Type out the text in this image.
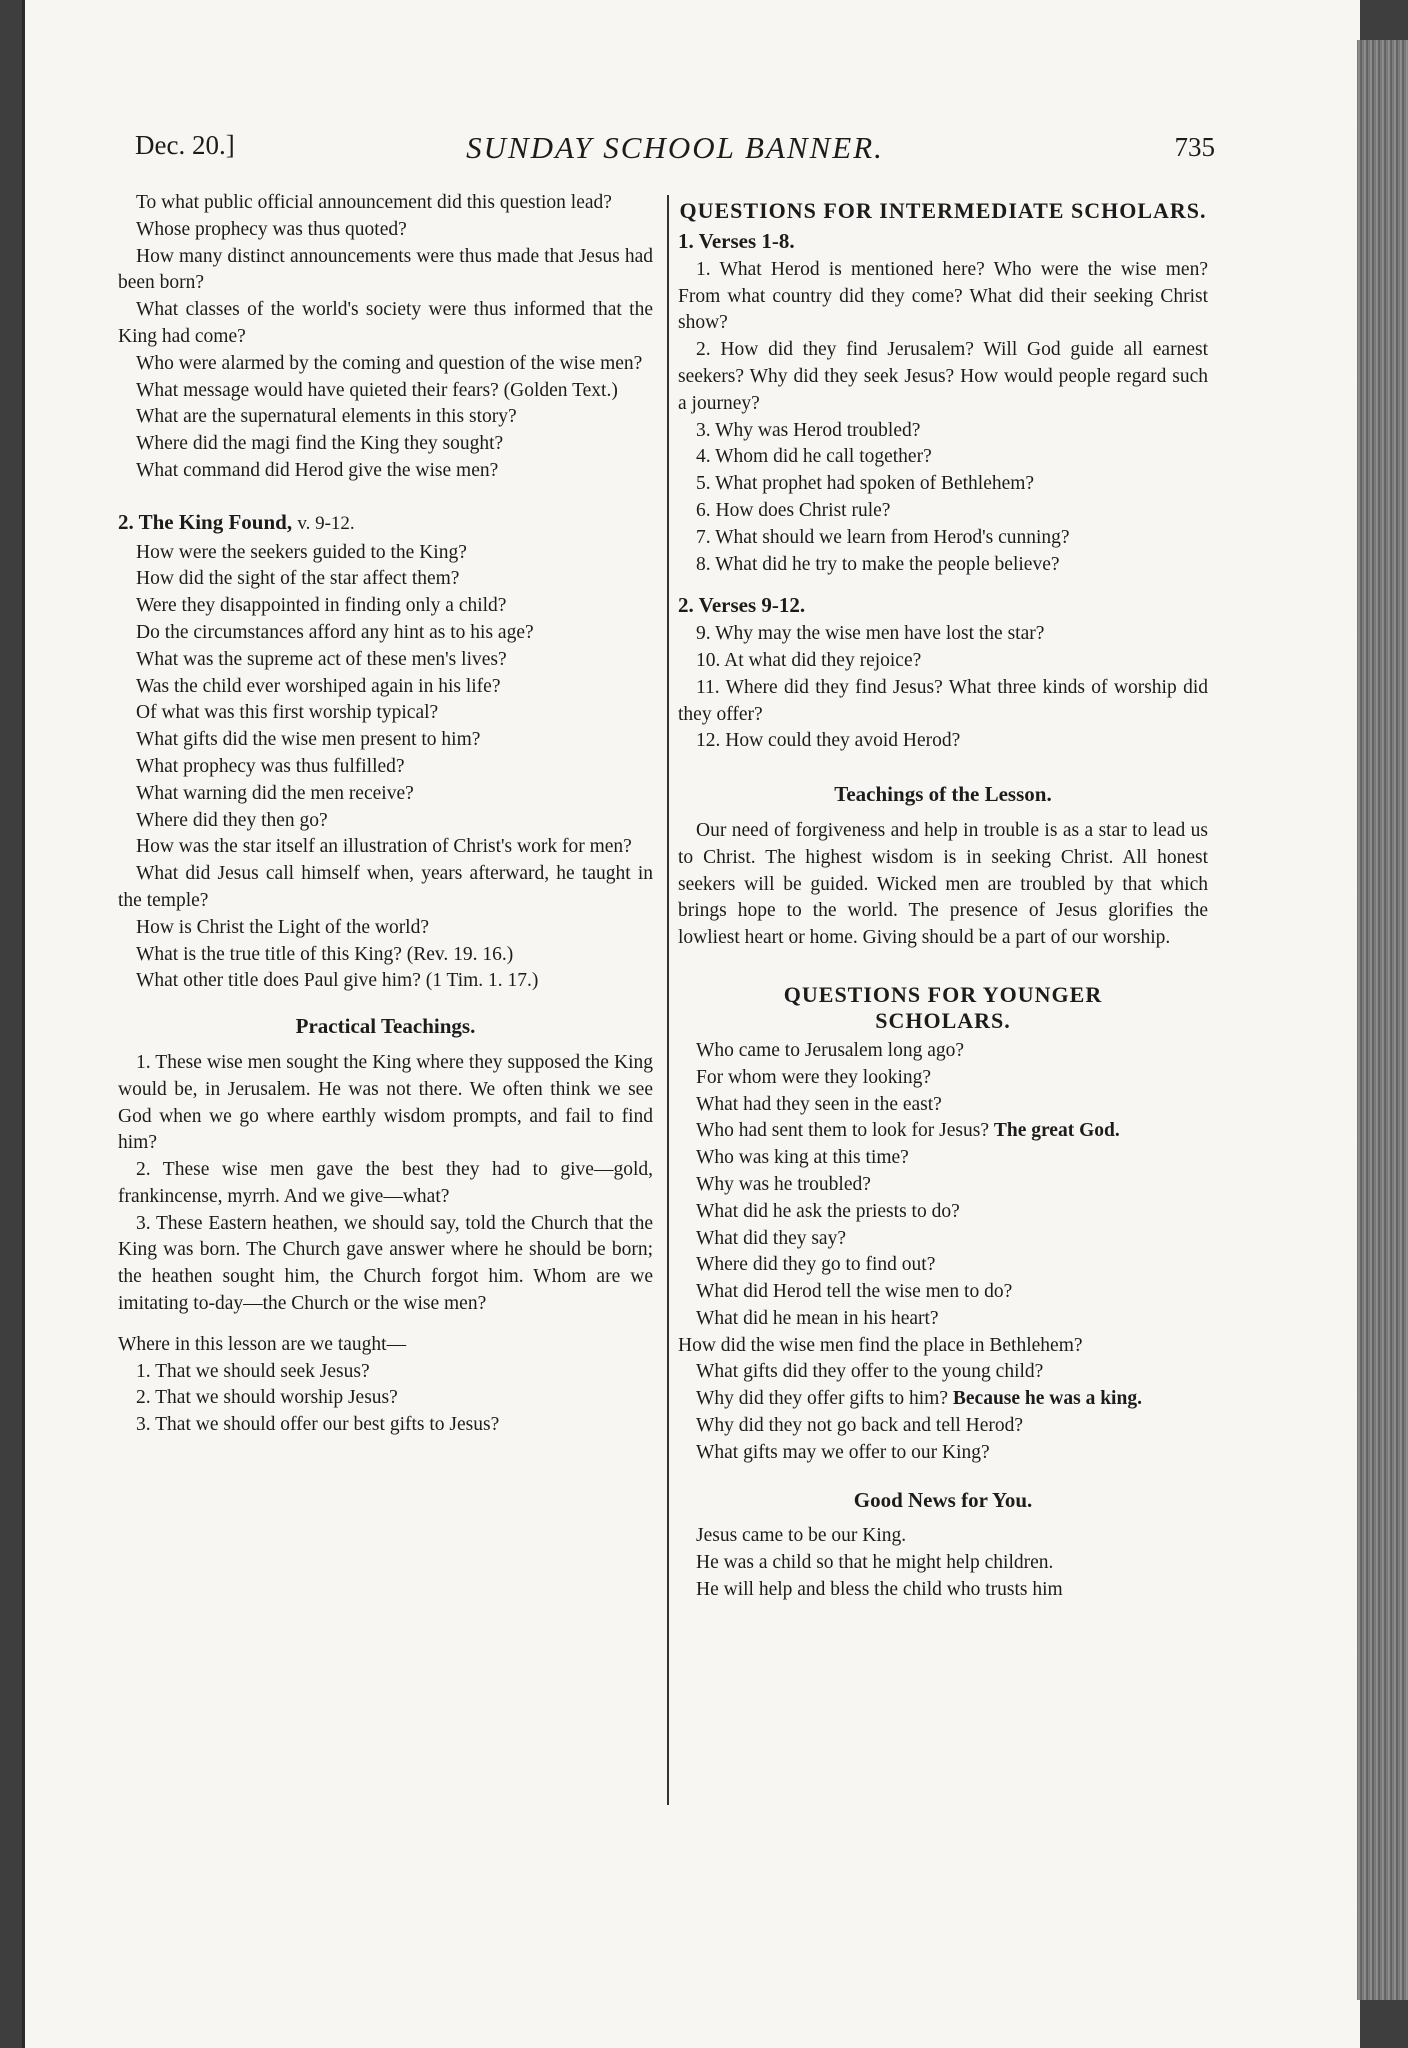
Dec. 20.]	SUNDAY SCHOOL BANNER.	735

To what public official announcement did this question lead?

Whose prophecy was thus quoted?

How many distinct announcements were thus made that Jesus had been born?

What classes of the world's society were thus informed that the King had come?

Who were alarmed by the coming and question of the wise men?

What message would have quieted their fears? (Golden Text.)

What are the supernatural elements in this story?

Where did the magi find the King they sought?

What command did Herod give the wise men?

2. The King Found, v. 9-12.

How were the seekers guided to the King?

How did the sight of the star affect them?

Were they disappointed in finding only a child?

Do the circumstances afford any hint as to his age?

What was the supreme act of these men's lives?

Was the child ever worshiped again in his life?

Of what was this first worship typical?

What gifts did the wise men present to him?

What prophecy was thus fulfilled?

What warning did the men receive?

Where did they then go?

How was the star itself an illustration of Christ's work for men?

What did Jesus call himself when, years afterward, he taught in the temple?

How is Christ the Light of the world?

What is the true title of this King? (Rev. 19. 16.)

What other title does Paul give him? (1 Tim. 1. 17.)

Practical Teachings.

1. These wise men sought the King where they supposed the King would be, in Jerusalem. He was not there. We often think we see God when we go where earthly wisdom prompts, and fail to find him?

2. These wise men gave the best they had to give—gold, frankincense, myrrh. And we give—what?

3. These Eastern heathen, we should say, told the Church that the King was born. The Church gave answer where he should be born; the heathen sought him, the Church forgot him. Whom are we imitating to-day—the Church or the wise men?

Where in this lesson are we taught—

1. That we should seek Jesus?

2. That we should worship Jesus?

3. That we should offer our best gifts to Jesus?

QUESTIONS FOR INTERMEDIATE SCHOLARS.
1. Verses 1-8.

1. What Herod is mentioned here? Who were the wise men? From what country did they come? What did their seeking Christ show?

2. How did they find Jerusalem? Will God guide all earnest seekers? Why did they seek Jesus? How would people regard such a journey?

3. Why was Herod troubled?

4. Whom did he call together?

5. What prophet had spoken of Bethlehem?

6. How does Christ rule?

7. What should we learn from Herod's cunning?

8. What did he try to make the people believe?

2. Verses 9-12.

9. Why may the wise men have lost the star?

10. At what did they rejoice?

11. Where did they find Jesus? What three kinds of worship did they offer?

12. How could they avoid Herod?

Teachings of the Lesson.

Our need of forgiveness and help in trouble is as a star to lead us to Christ. The highest wisdom is in seeking Christ. All honest seekers will be guided. Wicked men are troubled by that which brings hope to the world. The presence of Jesus glorifies the lowliest heart or home. Giving should be a part of our worship.

QUESTIONS FOR YOUNGER SCHOLARS.

Who came to Jerusalem long ago?

For whom were they looking?

What had they seen in the east?

Who had sent them to look for Jesus? The great God.

Who was king at this time?

Why was he troubled?

What did he ask the priests to do?

What did they say?

Where did they go to find out?

What did Herod tell the wise men to do?

What did he mean in his heart?

How did the wise men find the place in Bethlehem?

What gifts did they offer to the young child?

Why did they offer gifts to him? Because he was a king.

Why did they not go back and tell Herod?

What gifts may we offer to our King?

Good News for You.

Jesus came to be our King.

He was a child so that he might help children.

He will help and bless the child who trusts him
